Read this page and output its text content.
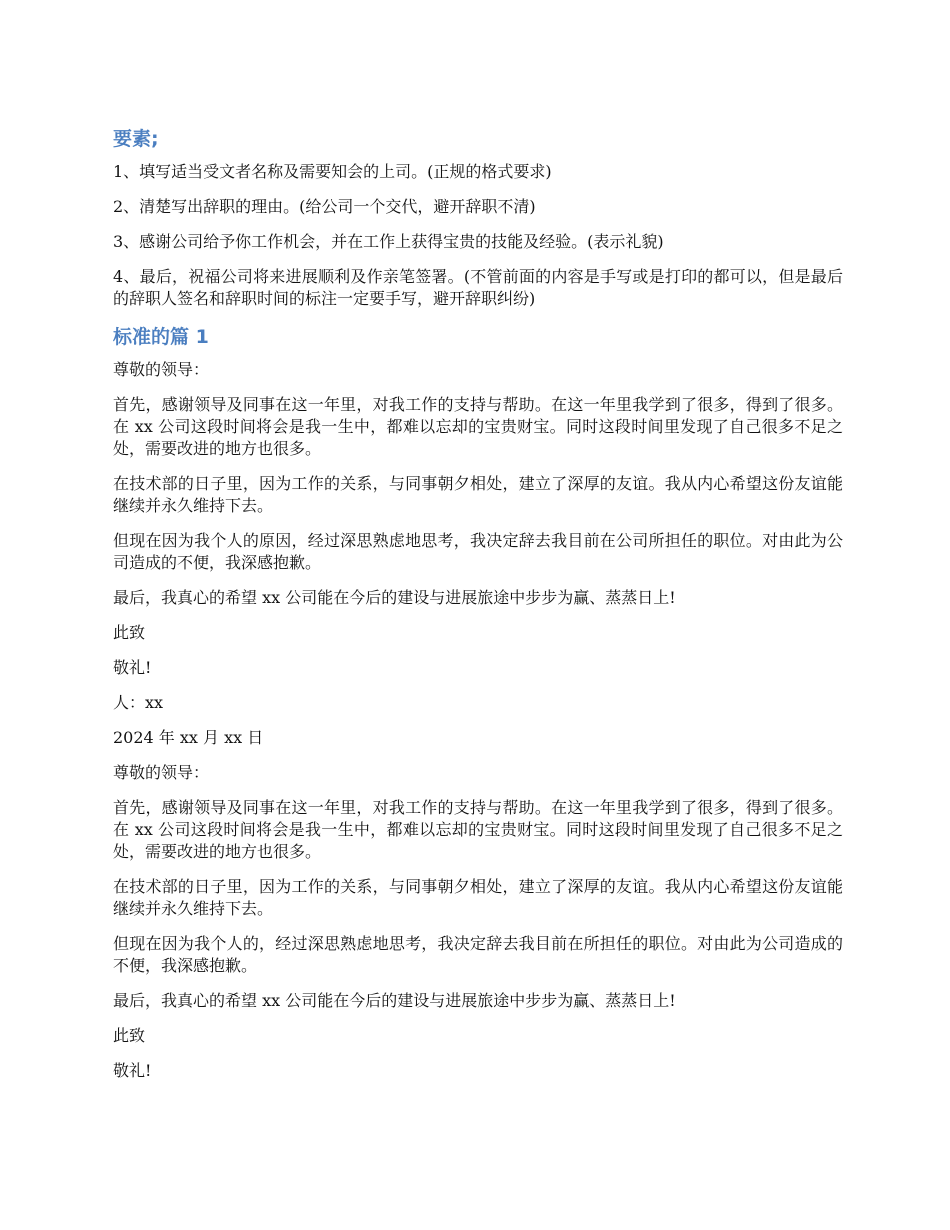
要素;
1、填写适当受文者名称及需要知会的上司。(正规的格式要求)
2、清楚写出辞职的理由。(给公司一个交代，避开辞职不清)
3、感谢公司给予你工作机会，并在工作上获得宝贵的技能及经验。(表示礼貌)
4、最后，祝福公司将来进展顺利及作亲笔签署。(不管前面的内容是手写或是打印的都可以，但是最后的辞职人签名和辞职时间的标注一定要手写，避开辞职纠纷)
标准的篇 1
尊敬的领导：
首先，感谢领导及同事在这一年里，对我工作的支持与帮助。在这一年里我学到了很多，得到了很多。在 xx 公司这段时间将会是我一生中，都难以忘却的宝贵财宝。同时这段时间里发现了自己很多不足之处，需要改进的地方也很多。
在技术部的日子里，因为工作的关系，与同事朝夕相处，建立了深厚的友谊。我从内心希望这份友谊能继续并永久维持下去。
但现在因为我个人的原因，经过深思熟虑地思考，我决定辞去我目前在公司所担任的职位。对由此为公司造成的不便，我深感抱歉。
最后，我真心的希望 xx 公司能在今后的建设与进展旅途中步步为赢、蒸蒸日上!
此致
敬礼!
人：xx
2024 年 xx 月 xx 日
尊敬的领导：
首先，感谢领导及同事在这一年里，对我工作的支持与帮助。在这一年里我学到了很多，得到了很多。在 xx 公司这段时间将会是我一生中，都难以忘却的宝贵财宝。同时这段时间里发现了自己很多不足之处，需要改进的地方也很多。
在技术部的日子里，因为工作的关系，与同事朝夕相处，建立了深厚的友谊。我从内心希望这份友谊能继续并永久维持下去。
但现在因为我个人的，经过深思熟虑地思考，我决定辞去我目前在所担任的职位。对由此为公司造成的不便，我深感抱歉。
最后，我真心的希望 xx 公司能在今后的建设与进展旅途中步步为赢、蒸蒸日上!
此致
敬礼!
